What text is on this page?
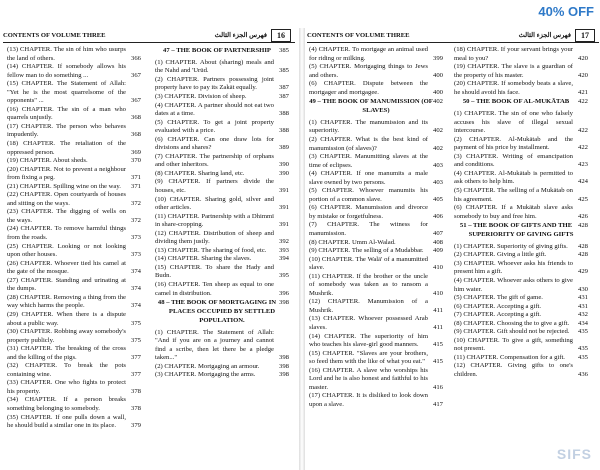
40% OFF
CONTENTS OF VOLUME THREE	فهرس الجزء الثالث	16
(13) CHAPTER. The sin of him who usurps the land of others.	366
(14) CHAPTER. If somebody allows his fellow man to do something ...	367
(15) CHAPTER. The Statement of Allah: "Yet he is the most quarrelsome of the opponents" ...	367
(16) CHAPTER. The sin of a man who quarrels unjustly.	368
(17) CHAPTER. The person who behaves impudently.	368
(18) CHAPTER. The retaliation of the oppressed person.	369
(19) CHAPTER. About sheds.	370
(20) CHAPTER. Not to prevent a neighbour from fixing a peg.	371
(21) CHAPTER. Spilling wine on the way.	371
(22) CHAPTER. Open courtyards of houses and sitting on the ways.	372
(23) CHAPTER. The digging of wells on the ways.	372
(24) CHAPTER. To remove harmful things from the roads.	373
(25) CHAPTER. Looking or not looking upon other houses.	373
(26) CHAPTER. Whoever tied his camel at the gate of the mosque.	374
(27) CHAPTER. Standing and urinating at the dumps.	374
(28) CHAPTER. Removing a thing from the way which harms the people.	374
(29) CHAPTER. When there is a dispute about a public way.	375
(30) CHAPTER. Robbing away somebody's property publicly.	375
(31) CHAPTER. The breaking of the cross and the killing of the pigs.	377
(32) CHAPTER. To break the pots containing wine.	377
(33) CHAPTER. One who fights to protect his property.	378
(34) CHAPTER. If a person breaks something belonging to somebody.	378
(35) CHAPTER. If one pulls down a wall, he should build a similar one in its place.	379
385
47 – THE BOOK OF PARTNERSHIP
(1) CHAPTER. About (sharing) meals and the Nahd and 'Urūd.	385
(2) CHAPTER. Partners possessing joint property have to pay its Zakāt equally.	387
(3) CHAPTER. Division of sheep.	387
(4) CHAPTER. A partner should not eat two dates at a time.	388
(5) CHAPTER. To get a joint property evaluated with a price.	388
(6) CHAPTER. Can one draw lots for divisions and shares?	389
(7) CHAPTER. The partnership of orphans and other inheritors.	390
(8) CHAPTER. Sharing land, etc.	390
(9) CHAPTER. If partners divide the houses, etc.	391
(10) CHAPTER. Sharing gold, silver and other articles.	391
(11) CHAPTER. Partnership with a Dhimmī in share-cropping.	391
(12) CHAPTER. Distribution of sheep and dividing them justly.	392
(13) CHAPTER. The sharing of food, etc.	393
(14) CHAPTER. Sharing the slaves.	394
(15) CHAPTER. To share the Hady and Budn.	395
(16) CHAPTER. Ten sheep as equal to one camel in distribution.	396
398
48 – THE BOOK OF MORTGAGING IN PLACES OCCUPIED BY SETTLED POPULATION.
(1) CHAPTER. The Statement of Allah: "And if you are on a journey and cannot find a scribe, then let there be a pledge taken..."	398
(2) CHAPTER. Mortgaging an armour.	398
(3) CHAPTER. Mortgaging the arms.	398
CONTENTS OF VOLUME THREE	فهرس الجزء الثالث	17
(4) CHAPTER. To mortgage an animal used for riding or milking.	399
(5) CHAPTER. Mortgaging things to Jews and others.	400
(6) CHAPTER. Dispute between the mortgager and mortgagee.	400
402
49 – THE BOOK OF MANUMISSION (OF SLAVES)
(1) CHAPTER. The manumission and its superiority.	402
(2) CHAPTER. What is the best kind of manumission (of slaves)?	402
(3) CHAPTER. Manumitting slaves at the time of eclipses.	403
(4) CHAPTER. If one manumits a male slave owned by two persons.	403
(5) CHAPTER. Whoever manumits his portion of a common slave.	405
(6) CHAPTER. Manumission and divorce by mistake or forgetfulness.	406
(7) CHAPTER. The witness for manumission.	407
(8) CHAPTER. Umm Al-Walad.	408
(9) CHAPTER. The selling of a Mudabbar.	409
(10) CHAPTER. The Walā' of a manumitted slave.	410
(11) CHAPTER. If the brother or the uncle of somebody was taken as to ransom a Mushrik.	410
(12) CHAPTER. Manumission of a Mushrik.	411
(13) CHAPTER. Whoever possessed Arab slaves.	411
(14) CHAPTER. The superiority of him who teaches his slave-girl good manners.	415
(15) CHAPTER. "Slaves are your brothers, so feed them with the like of what you eat."	415
(16) CHAPTER. A slave who worships his Lord and he is also honest and faithful to his master.	416
(17) CHAPTER. It is disliked to look down upon a slave.	417
(18) CHAPTER. If your servant brings your meal to you?	420
(19) CHAPTER. The slave is a guardian of the property of his master.	420
(20) CHAPTER. If somebody beats a slave, he should avoid his face.	421
422
50 – THE BOOK OF AL-MUKĀTAB
(1) CHAPTER. The sin of one who falsely accuses his slave of illegal sexual intercourse.	422
(2) CHAPTER. Al-Mukātab and the payment of his price by installment.	422
(3) CHAPTER. Writing of emancipation and conditions.	423
(4) CHAPTER. Al-Mukātab is permitted to ask others to help him.	424
(5) CHAPTER. The selling of a Mukātab on his agreement.	425
(6) CHAPTER. If a Mukātab slave asks somebody to buy and free him.	426
428
51 – THE BOOK OF GIFTS AND THE SUPERIORITY OF GIVING GIFTS
(1) CHAPTER. Superiority of giving gifts.	428
(2) CHAPTER. Giving a little gift.	428
(3) CHAPTER. Whoever asks his friends to present him a gift.	429
(4) CHAPTER. Whoever asks others to give him water.	430
(5) CHAPTER. The gift of game.	431
(6) CHAPTER. Accepting a gift.	431
(7) CHAPTER. Accepting a gift.	432
(8) CHAPTER. Choosing the to give a gift.	434
(9) CHAPTER. Gift should not be rejected.	435
(10) CHAPTER. To give a gift, something not present.	435
(11) CHAPTER. Compensation for a gift.	435
(12) CHAPTER. Giving gifts to one's children.	436
SIFS
